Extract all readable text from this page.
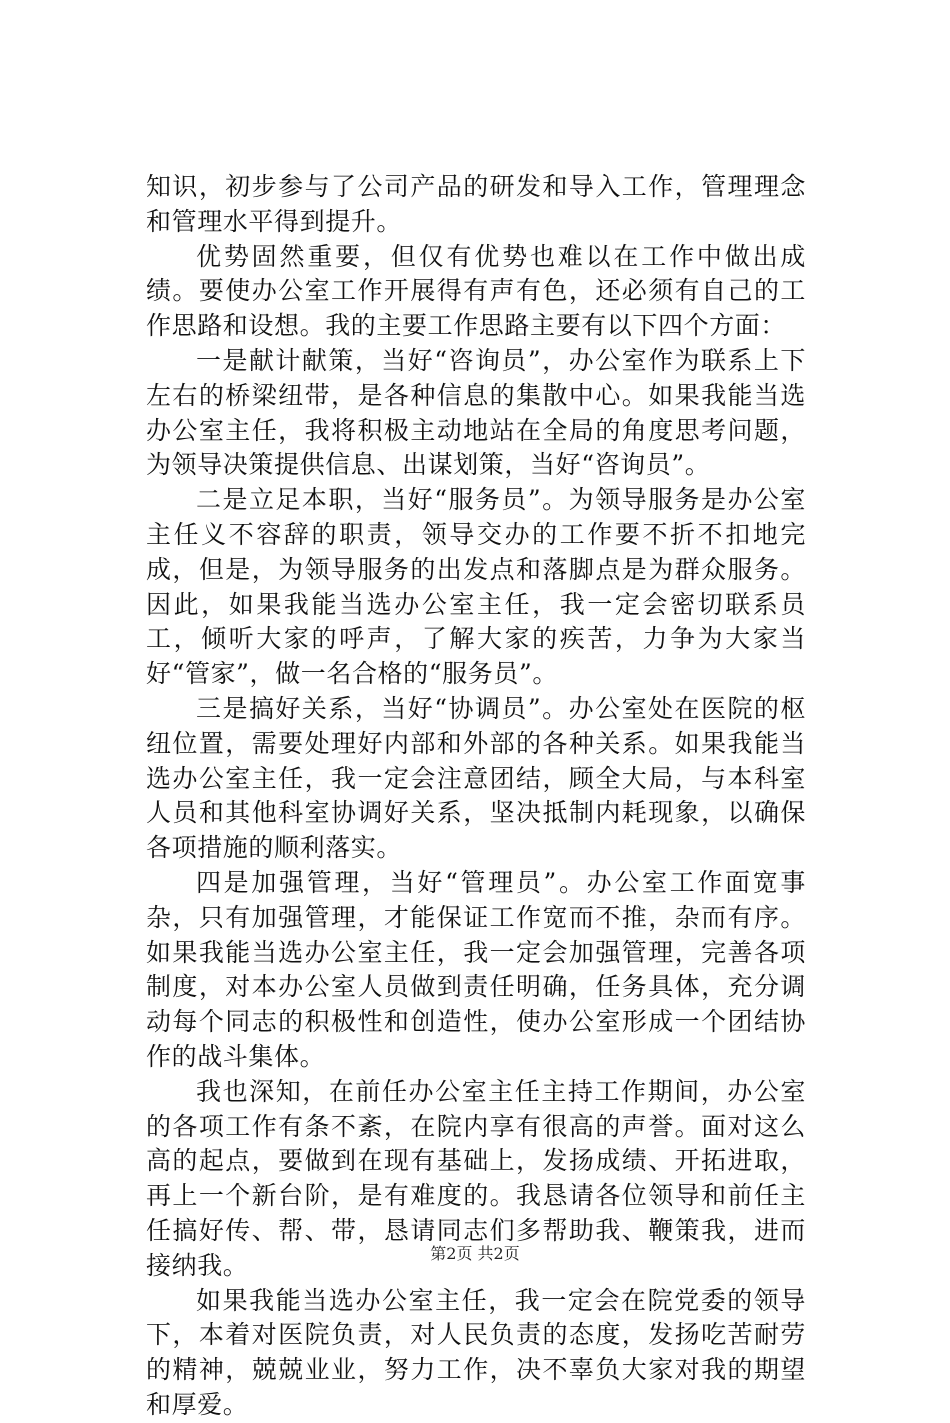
知识，初步参与了公司产品的研发和导入工作，管理理念和管理水平得到提升。

优势固然重要，但仅有优势也难以在工作中做出成绩。要使办公室工作开展得有声有色，还必须有自己的工作思路和设想。我的主要工作思路主要有以下四个方面：

一是献计献策，当好“咨询员”，办公室作为联系上下左右的桥梁纽带，是各种信息的集散中心。如果我能当选办公室主任，我将积极主动地站在全局的角度思考问题，为领导决策提供信息、出谋划策，当好“咨询员”。

二是立足本职，当好“服务员”。为领导服务是办公室主任义不容辞的职责，领导交办的工作要不折不扣地完成，但是，为领导服务的出发点和落脚点是为群众服务。因此，如果我能当选办公室主任，我一定会密切联系员工，倾听大家的呼声，了解大家的疾苦，力争为大家当好“管家”，做一名合格的“服务员”。

三是搞好关系，当好“协调员”。办公室处在医院的枢纽位置，需要处理好内部和外部的各种关系。如果我能当选办公室主任，我一定会注意团结，顾全大局，与本科室人员和其他科室协调好关系，坚决抵制内耗现象，以确保各项措施的顺利落实。

四是加强管理，当好“管理员”。办公室工作面宽事杂，只有加强管理，才能保证工作宽而不推，杂而有序。如果我能当选办公室主任，我一定会加强管理，完善各项制度，对本办公室人员做到责任明确，任务具体，充分调动每个同志的积极性和创造性，使办公室形成一个团结协作的战斗集体。

我也深知，在前任办公室主任主持工作期间，办公室的各项工作有条不紊，在院内享有很高的声誉。面对这么高的起点，要做到在现有基础上，发扬成绩、开拓进取，再上一个新台阶，是有难度的。我恳请各位领导和前任主任搞好传、帮、带，恳请同志们多帮助我、鞭策我，进而接纳我。

如果我能当选办公室主任，我一定会在院党委的领导下，本着对医院负责，对人民负责的态度，发扬吃苦耐劳的精神，兢兢业业，努力工作，决不辜负大家对我的期望和厚爱。

第2页 共2页
